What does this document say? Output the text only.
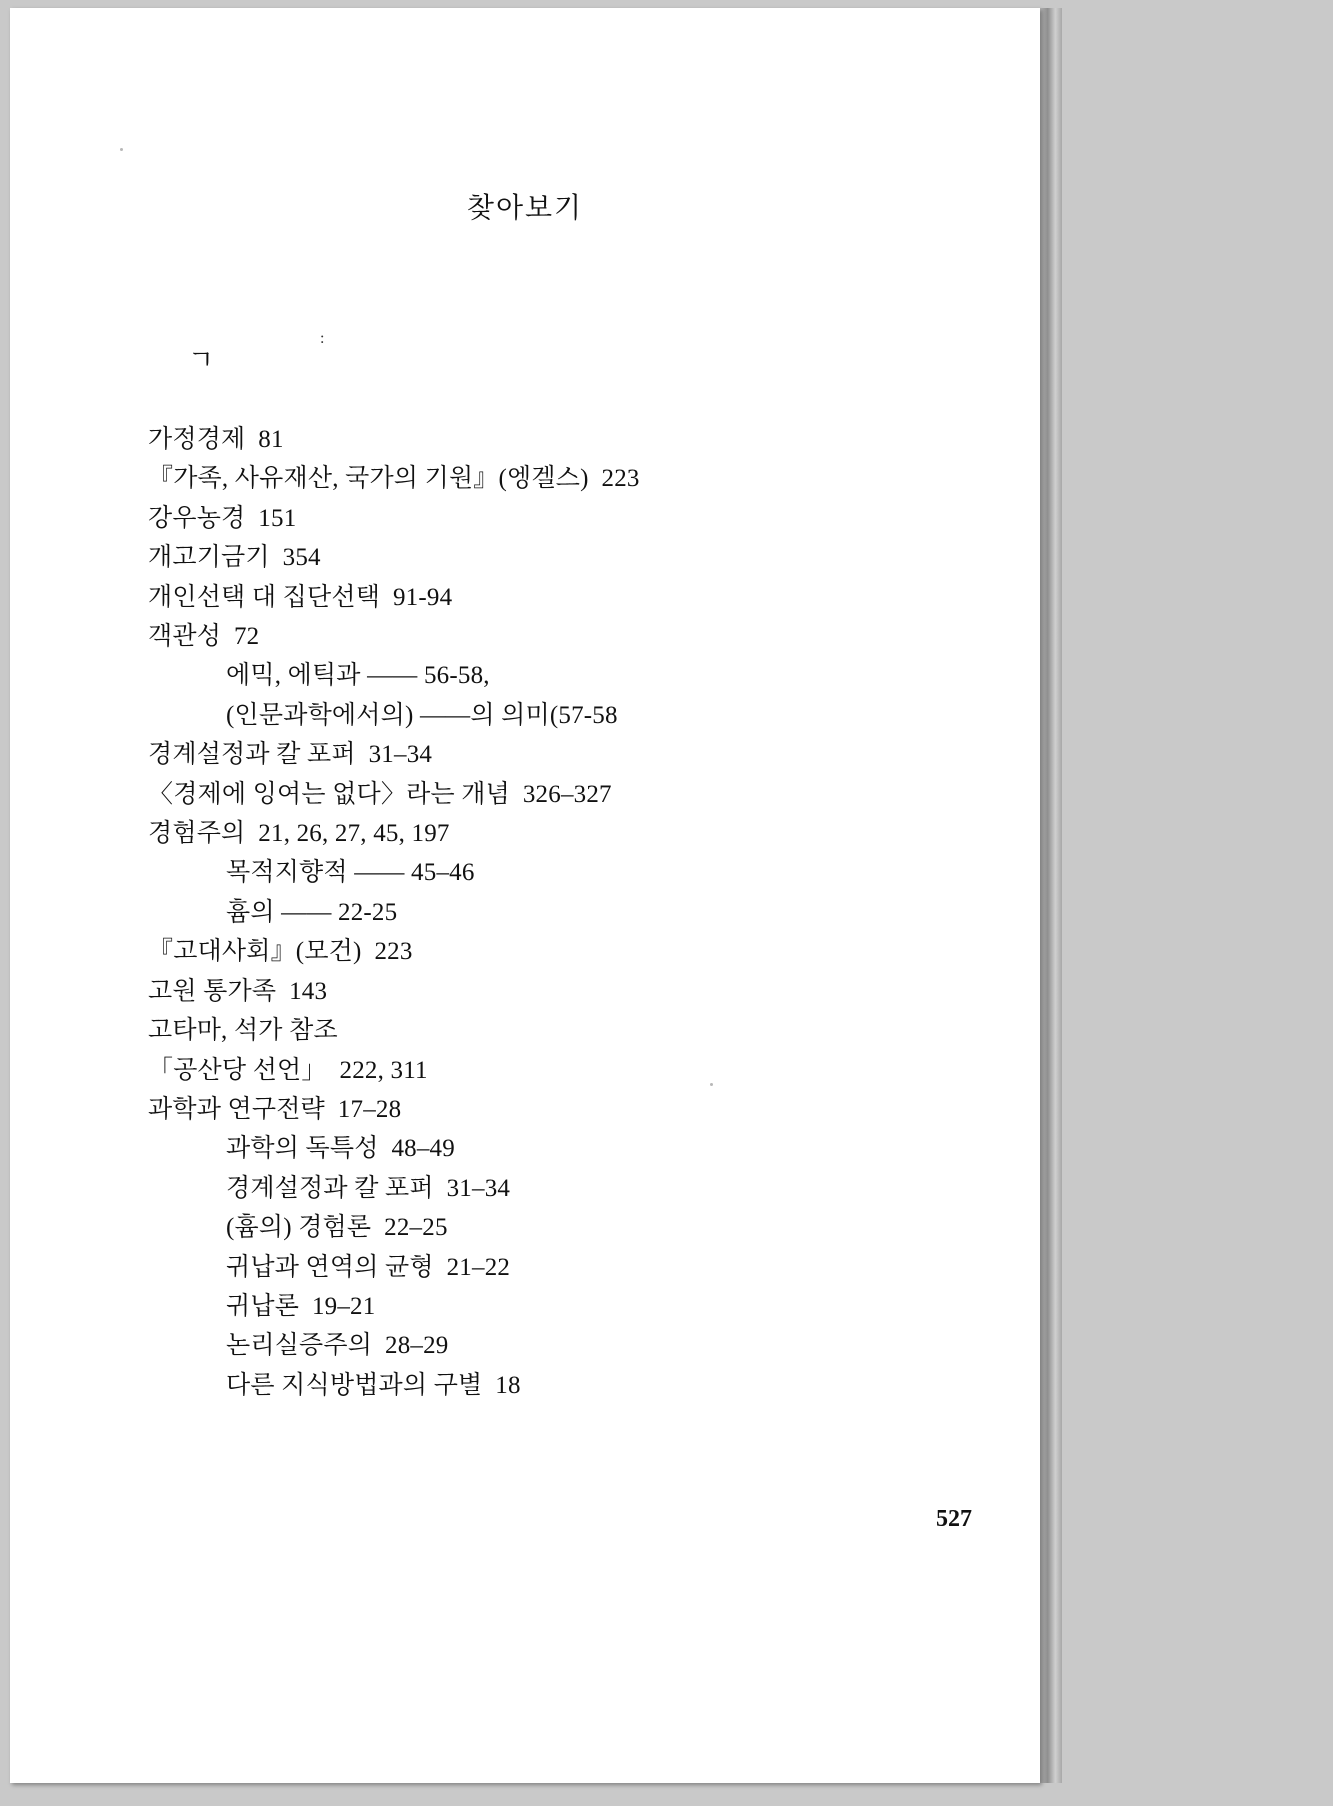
찾아보기
:
ㄱ
가정경제  81
『가족, 사유재산, 국가의 기원』(엥겔스)  223
강우농경  151
개고기금기  354
개인선택 대 집단선택  91-94
객관성  72
에믹, 에틱과 —— 56-58,
(인문과학에서의) ——의 의미(57-58
경계설정과 칼 포퍼  31–34
〈경제에 잉여는 없다〉라는 개념  326–327
경험주의  21, 26, 27, 45, 197
목적지향적 —— 45–46
흄의 —— 22-25
『고대사회』(모건)  223
고원 통가족  143
고타마, 석가 참조
「공산당 선언」  222, 311
과학과 연구전략  17–28
과학의 독특성  48–49
경계설정과 칼 포퍼  31–34
(흄의) 경험론  22–25
귀납과 연역의 균형  21–22
귀납론  19–21
논리실증주의  28–29
다른 지식방법과의 구별  18
527
